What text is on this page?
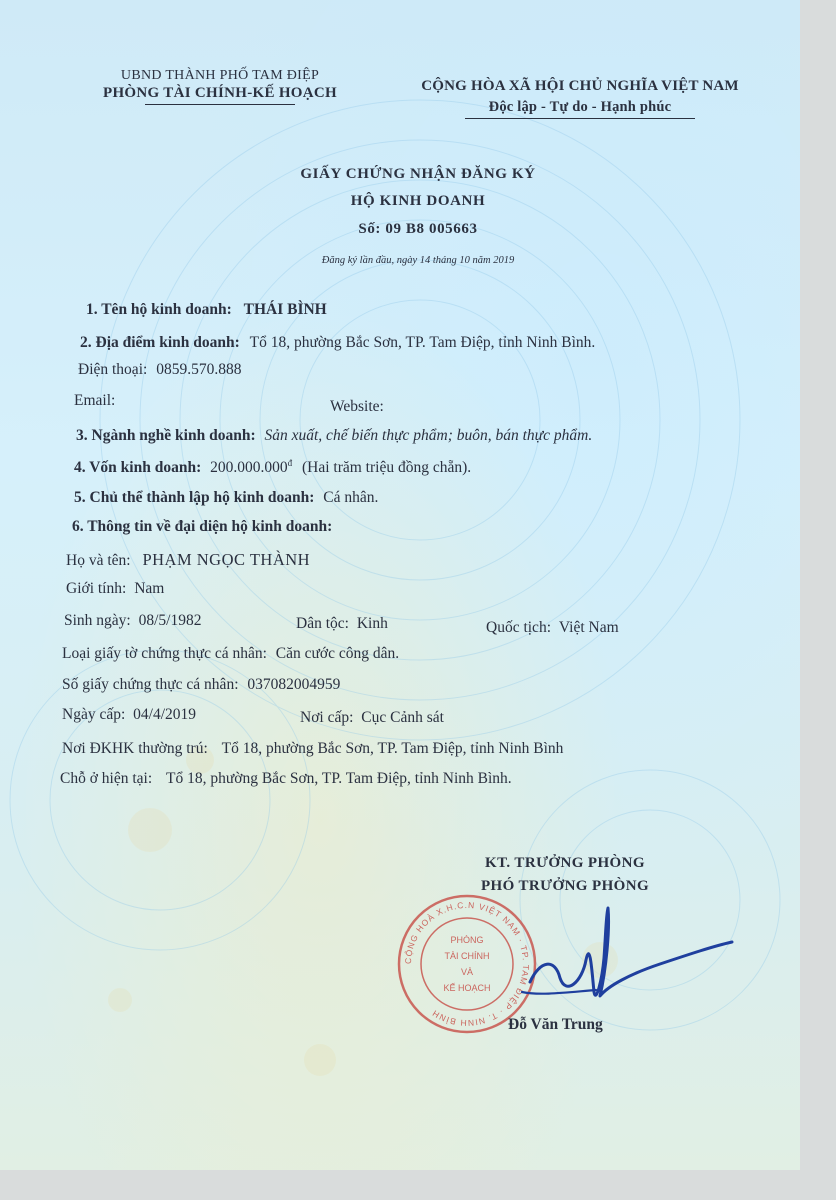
UBND THÀNH PHỐ TAM ĐIỆP
PHÒNG TÀI CHÍNH-KẾ HOẠCH	CỘNG HÒA XÃ HỘI CHỦ NGHĨA VIỆT NAM
Độc lập - Tự do - Hạnh phúc
GIẤY CHỨNG NHẬN ĐĂNG KÝ
HỘ KINH DOANH
Số: 09 B8 005663
Đăng ký lần đầu, ngày 14 tháng 10 năm 2019
1. Tên hộ kinh doanh: THÁI BÌNH
2. Địa điểm kinh doanh: Tổ 18, phường Bắc Sơn, TP. Tam Điệp, tỉnh Ninh Bình.
Điện thoại: 0859.570.888
Email:	Website:
3. Ngành nghề kinh doanh: Sản xuất, chế biến thực phẩm; buôn, bán thực phẩm.
4. Vốn kinh doanh: $200.000.000^đ$ (Hai trăm triệu đồng chẵn).
5. Chủ thể thành lập hộ kinh doanh: Cá nhân.
6. Thông tin về đại diện hộ kinh doanh:
Họ và tên: PHẠM NGỌC THÀNH
Giới tính: Nam
Sinh ngày: 08/5/1982	Dân tộc: Kinh	Quốc tịch: Việt Nam
Loại giấy tờ chứng thực cá nhân: Căn cước công dân.
Số giấy chứng thực cá nhân: 037082004959
Ngày cấp: 04/4/2019	Nơi cấp: Cục Cảnh sát
Nơi ĐKHK thường trú: Tổ 18, phường Bắc Sơn, TP. Tam Điệp, tỉnh Ninh Bình
Chỗ ở hiện tại: Tổ 18, phường Bắc Sơn, TP. Tam Điệp, tỉnh Ninh Bình.
KT. TRƯỞNG PHÒNG
PHÓ TRƯỞNG PHÒNG
CỘNG HOÀ X.H.C.N VIỆT NAM · TP. TAM ĐIỆP · T. NINH BÌNH
PHÒNG
TÀI CHÍNH
VÀ
KẾ HOẠCH
Đỗ Văn Trung
